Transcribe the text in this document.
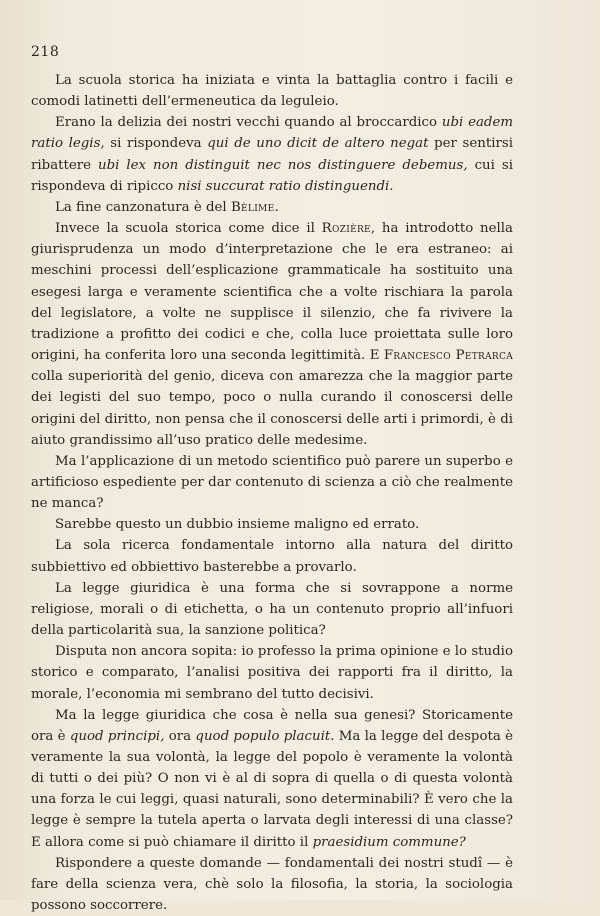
218

La scuola storica ha iniziata e vinta la battaglia contro i facili e comodi latinetti dell’ermeneutica da leguleio.

Erano la delizia dei nostri vecchi quando al broccardico ubi eadem ratio legis, si rispondeva qui de uno dicit de altero negat per sentirsi ribattere ubi lex non distinguit nec nos distinguere debemus, cui si rispondeva di ripicco nisi succurat ratio distinguendi.

La fine canzonatura è del Bèlime.

Invece la scuola storica come dice il Rozière, ha introdotto nella giurisprudenza un modo d’interpretazione che le era estraneo: ai meschini processi dell’esplicazione grammaticale ha sostituito una esegesi larga e veramente scientifica che a volte rischiara la parola del legislatore, a volte ne supplisce il silenzio, che fa rivivere la tradizione a profitto dei codici e che, colla luce proiettata sulle loro origini, ha conferita loro una seconda legittimità. E Francesco Petrarca colla superiorità del genio, diceva con amarezza che la maggior parte dei legisti del suo tempo, poco o nulla curando il conoscersi delle origini del diritto, non pensa che il conoscersi delle arti i primordi, è di aiuto grandissimo all’uso pratico delle medesime.

Ma l’applicazione di un metodo scientifico può parere un superbo e artificioso espediente per dar contenuto di scienza a ciò che realmente ne manca?

Sarebbe questo un dubbio insieme maligno ed errato.

La sola ricerca fondamentale intorno alla natura del diritto subbiettivo ed obbiettivo basterebbe a provarlo.

La legge giuridica è una forma che si sovrappone a norme religiose, morali o di etichetta, o ha un contenuto proprio all’infuori della particolarità sua, la sanzione politica?

Disputa non ancora sopita: io professo la prima opinione e lo studio storico e comparato, l’analisi positiva dei rapporti fra il diritto, la morale, l’economia mi sembrano del tutto decisivi.

Ma la legge giuridica che cosa è nella sua genesi? Storicamente ora è quod principi, ora quod populo placuit. Ma la legge del despota è veramente la sua volontà, la legge del popolo è veramente la volontà di tutti o dei più? O non vi è al di sopra di quella o di questa volontà una forza le cui leggi, quasi naturali, sono determinabili? È vero che la legge è sempre la tutela aperta o larvata degli interessi di una classe? E allora come si può chiamare il diritto il praesidium commune?

Rispondere a queste domande — fondamentali dei nostri studî — è fare della scienza vera, chè solo la filosofia, la storia, la sociologia possono soccorrere.
